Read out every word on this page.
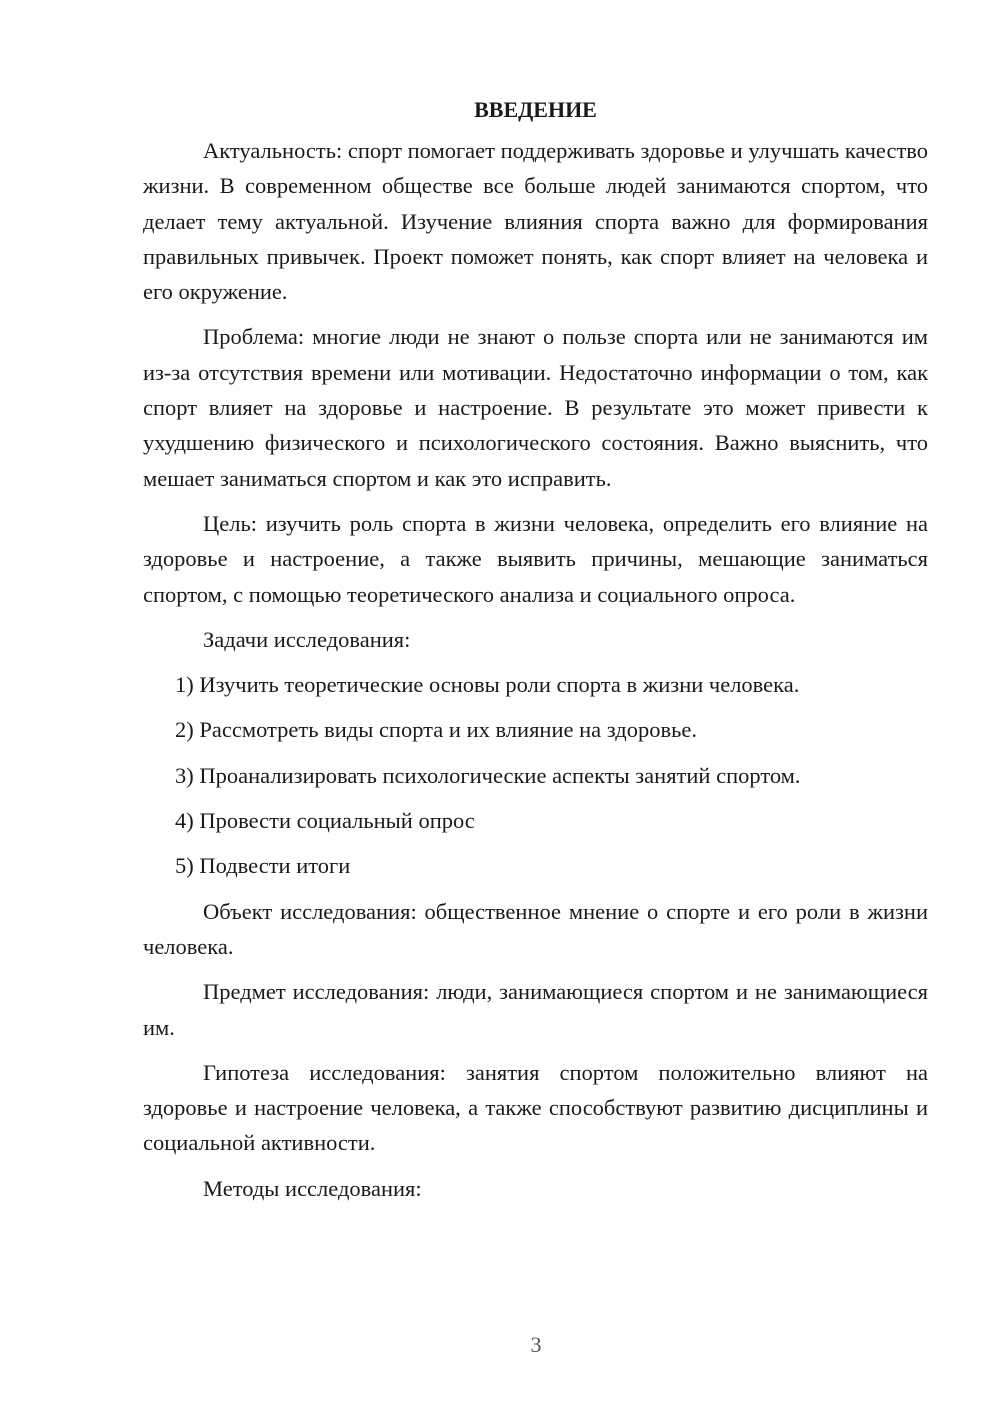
ВВЕДЕНИЕ

Актуальность: спорт помогает поддерживать здоровье и улучшать качество жизни. В современном обществе все больше людей занимаются спортом, что делает тему актуальной. Изучение влияния спорта важно для формирования правильных привычек. Проект поможет понять, как спорт влияет на человека и его окружение.

Проблема: многие люди не знают о пользе спорта или не занимаются им из-за отсутствия времени или мотивации. Недостаточно информации о том, как спорт влияет на здоровье и настроение. В результате это может привести к ухудшению физического и психологического состояния. Важно выяснить, что мешает заниматься спортом и как это исправить.

Цель: изучить роль спорта в жизни человека, определить его влияние на здоровье и настроение, а также выявить причины, мешающие заниматься спортом, с помощью теоретического анализа и социального опроса.

Задачи исследования:

1) Изучить теоретические основы роли спорта в жизни человека.
2) Рассмотреть виды спорта и их влияние на здоровье.
3) Проанализировать психологические аспекты занятий спортом.
4) Провести социальный опрос
5) Подвести итоги

Объект исследования: общественное мнение о спорте и его роли в жизни человека.

Предмет исследования: люди, занимающиеся спортом и не занимающиеся им.

Гипотеза исследования: занятия спортом положительно влияют на здоровье и настроение человека, а также способствуют развитию дисциплины и социальной активности.

Методы исследования:

3
